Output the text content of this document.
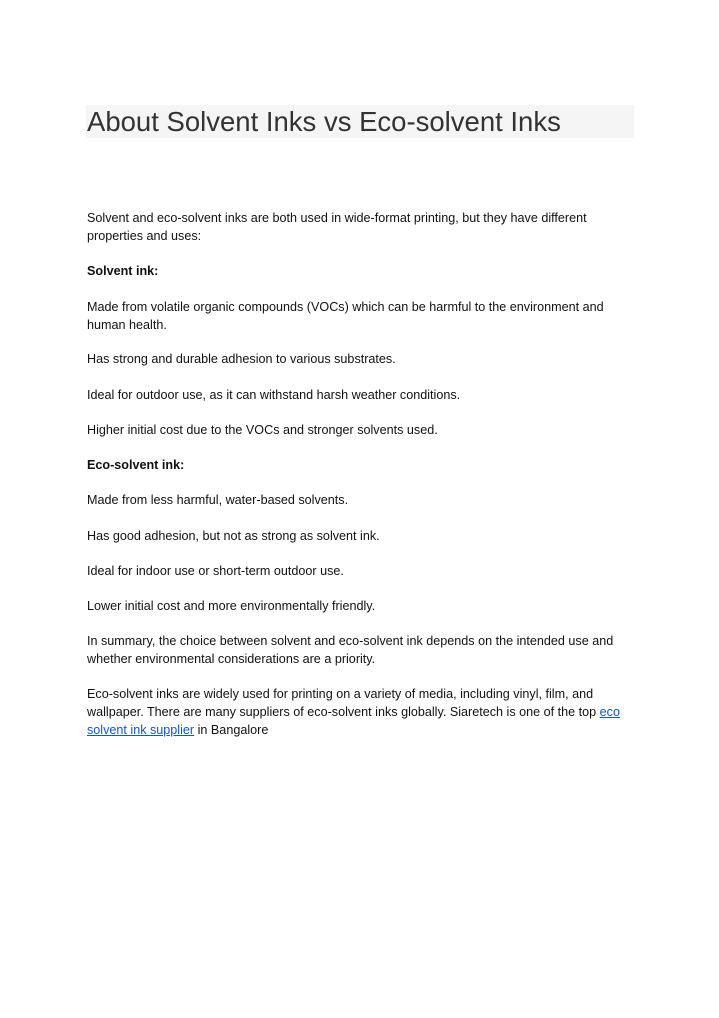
About Solvent Inks vs Eco-solvent Inks

Solvent and eco-solvent inks are both used in wide-format printing, but they have different properties and uses:

Solvent ink:

Made from volatile organic compounds (VOCs) which can be harmful to the environment and human health.

Has strong and durable adhesion to various substrates.

Ideal for outdoor use, as it can withstand harsh weather conditions.

Higher initial cost due to the VOCs and stronger solvents used.

Eco-solvent ink:

Made from less harmful, water-based solvents.

Has good adhesion, but not as strong as solvent ink.

Ideal for indoor use or short-term outdoor use.

Lower initial cost and more environmentally friendly.

In summary, the choice between solvent and eco-solvent ink depends on the intended use and whether environmental considerations are a priority.

Eco-solvent inks are widely used for printing on a variety of media, including vinyl, film, and wallpaper. There are many suppliers of eco-solvent inks globally. Siaretech is one of the top eco solvent ink supplier in Bangalore
